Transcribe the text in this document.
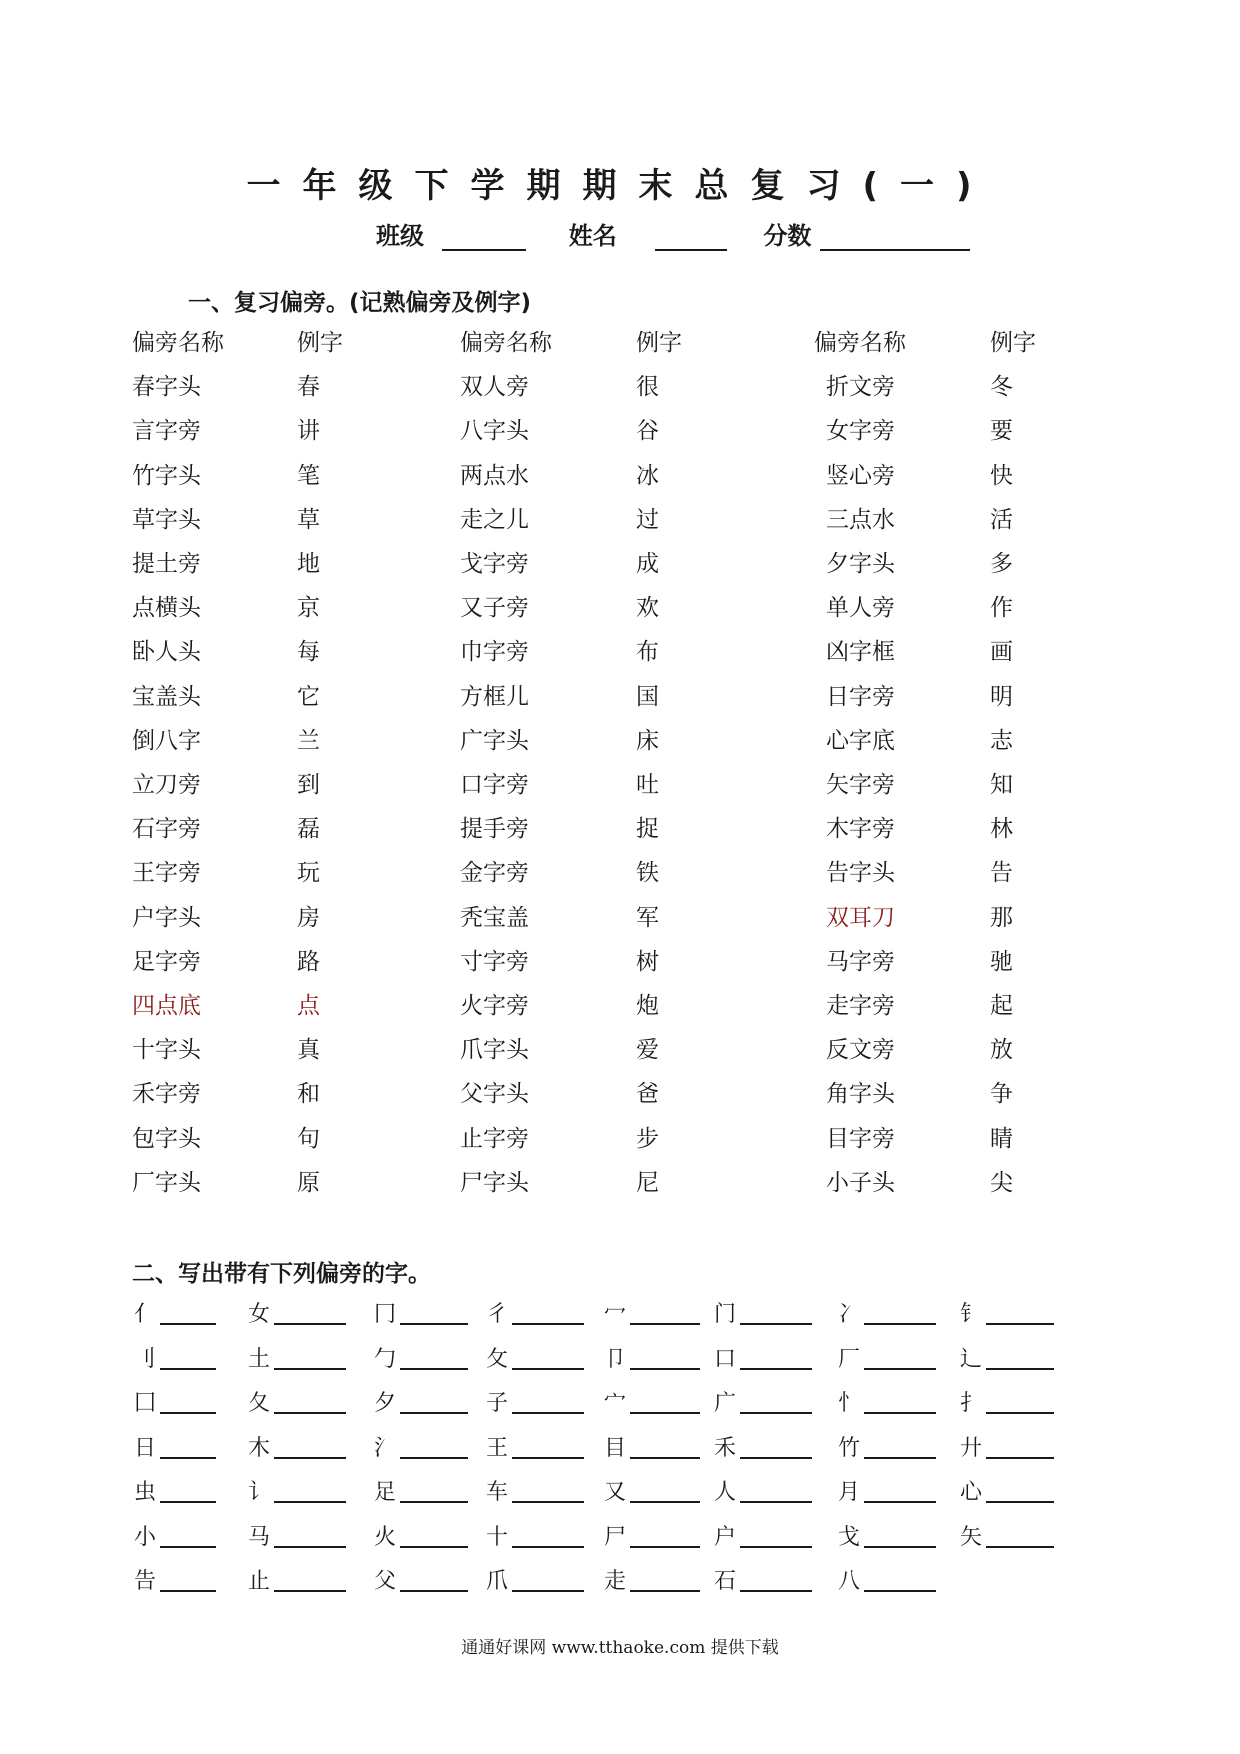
一年级下学期期末总复习(一)
班级	姓名	分数
一、复习偏旁。(记熟偏旁及例字)
偏旁名称	例字	偏旁名称	例字	偏旁名称	例字
春字头	春	双人旁	很	折文旁	冬
言字旁	讲	八字头	谷	女字旁	要
竹字头	笔	两点水	冰	竖心旁	快
草字头	草	走之儿	过	三点水	活
提土旁	地	戈字旁	成	夕字头	多
点横头	京	又子旁	欢	单人旁	作
卧人头	每	巾字旁	布	凶字框	画
宝盖头	它	方框儿	国	日字旁	明
倒八字	兰	广字头	床	心字底	志
立刀旁	到	口字旁	吐	矢字旁	知
石字旁	磊	提手旁	捉	木字旁	林
王字旁	玩	金字旁	铁	告字头	告
户字头	房	秃宝盖	军	双耳刀	那
足字旁	路	寸字旁	树	马字旁	驰
四点底	点	火字旁	炮	走字旁	起
十字头	真	爪字头	爱	反文旁	放
禾字旁	和	父字头	爸	角字头	争
包字头	句	止字旁	步	目字旁	睛
厂字头	原	尸字头	尼	小子头	尖
二、写出带有下列偏旁的字。
亻	女	冂	彳	冖	门	冫	钅
刂	土	勹	攵	卩	口	厂	辶
囗	夂	夕	子	宀	广	忄	扌
日	木	氵	王	目	禾	竹	廾
虫	讠	足	车	又	人	月	心
小	马	火	十	尸	户	戈	矢
告	止	父	爪	走	石	八
通通好课网 www.tthaoke.com 提供下载
